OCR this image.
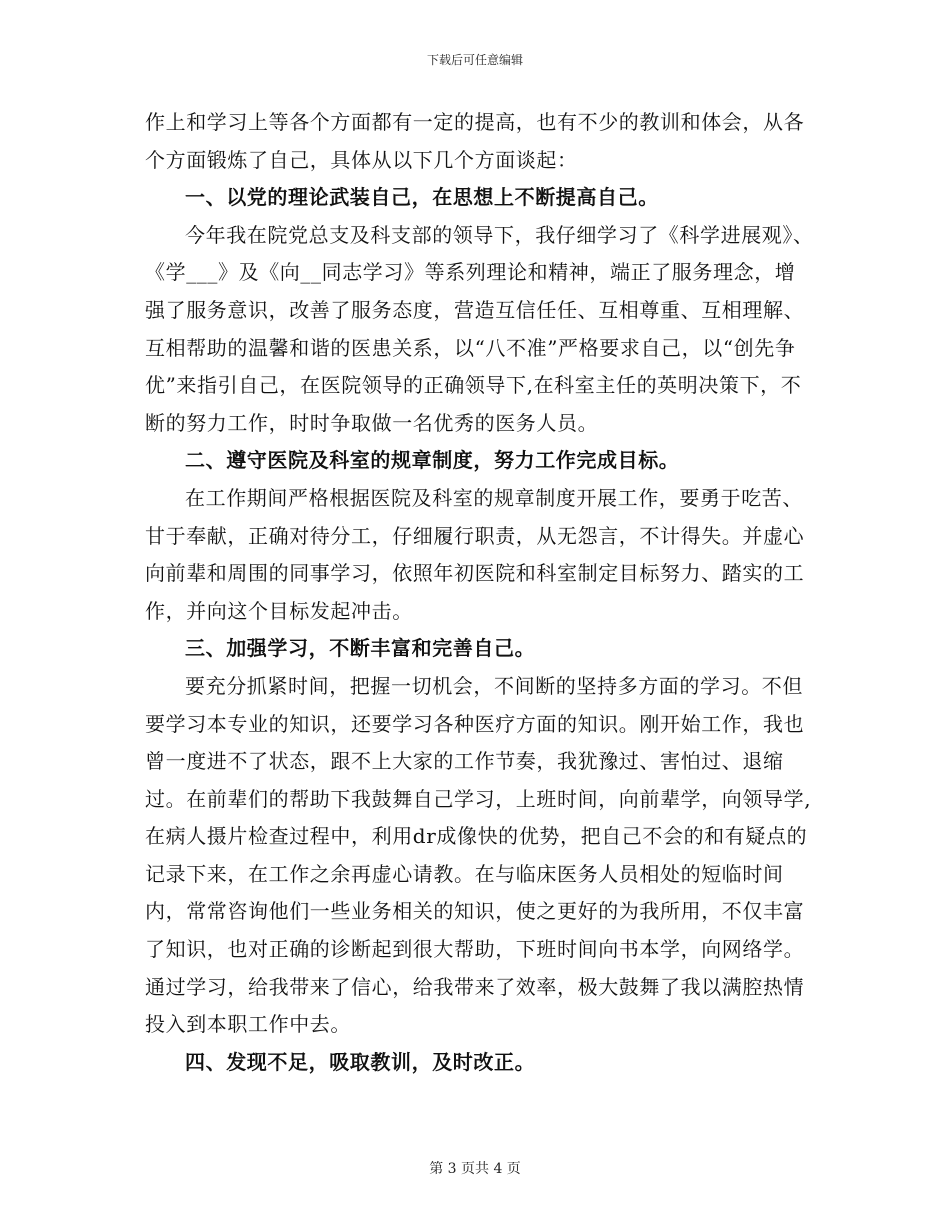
下载后可任意编辑

作上和学习上等各个方面都有一定的提高，也有不少的教训和体会，从各个方面锻炼了自己，具体从以下几个方面谈起：

一、以党的理论武装自己，在思想上不断提高自己。

今年我在院党总支及科支部的领导下，我仔细学习了《科学进展观》、《学___》及《向__同志学习》等系列理论和精神，端正了服务理念，增强了服务意识，改善了服务态度，营造互信任任、互相尊重、互相理解、互相帮助的温馨和谐的医患关系，以“八不准”严格要求自己，以“创先争优”来指引自己，在医院领导的正确领导下,在科室主任的英明决策下，不断的努力工作，时时争取做一名优秀的医务人员。

二、遵守医院及科室的规章制度，努力工作完成目标。

在工作期间严格根据医院及科室的规章制度开展工作，要勇于吃苦、甘于奉献，正确对待分工，仔细履行职责，从无怨言，不计得失。并虚心向前辈和周围的同事学习，依照年初医院和科室制定目标努力、踏实的工作，并向这个目标发起冲击。

三、加强学习，不断丰富和完善自己。

要充分抓紧时间，把握一切机会，不间断的坚持多方面的学习。不但要学习本专业的知识，还要学习各种医疗方面的知识。刚开始工作，我也曾一度进不了状态，跟不上大家的工作节奏，我犹豫过、害怕过、退缩过。在前辈们的帮助下我鼓舞自己学习，上班时间，向前辈学，向领导学,在病人摄片检查过程中，利用dr成像快的优势，把自己不会的和有疑点的记录下来，在工作之余再虚心请教。在与临床医务人员相处的短临时间内，常常咨询他们一些业务相关的知识，使之更好的为我所用，不仅丰富了知识，也对正确的诊断起到很大帮助，下班时间向书本学，向网络学。通过学习，给我带来了信心，给我带来了效率，极大鼓舞了我以满腔热情投入到本职工作中去。

四、发现不足，吸取教训，及时改正。

第 3 页共 4 页
